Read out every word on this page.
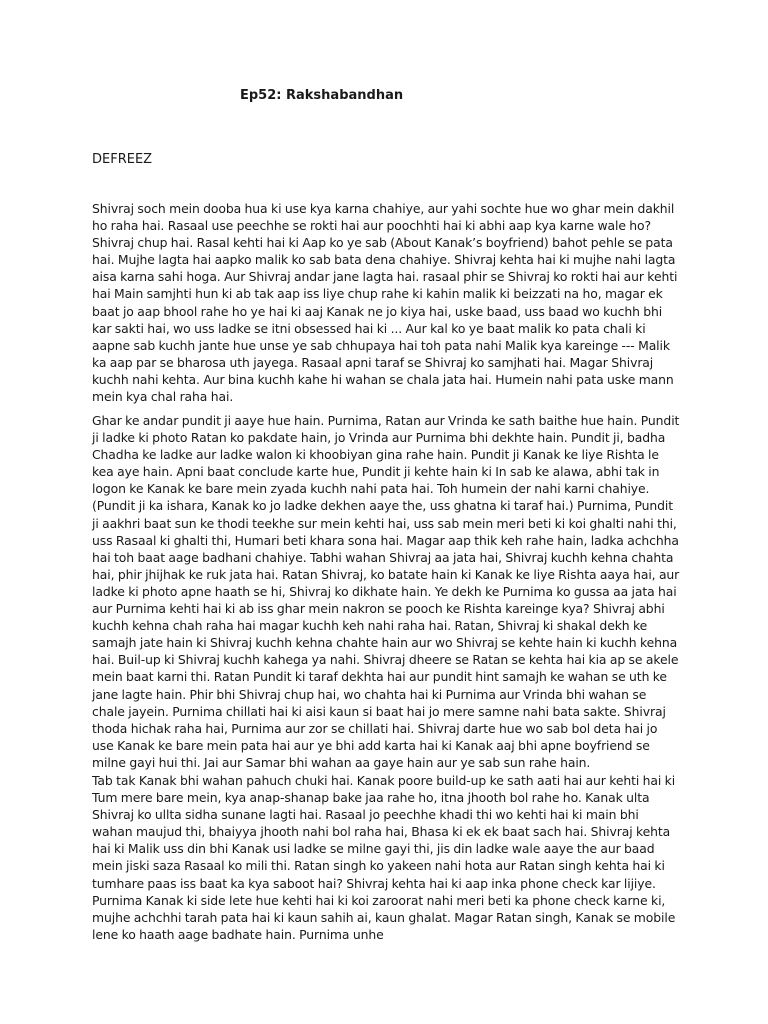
Ep52: Rakshabandhan

DEFREEZ

Shivraj soch mein dooba hua ki use kya karna chahiye, aur yahi sochte hue wo ghar mein dakhil ho raha hai. Rasaal use peechhe se rokti hai aur poochhti hai ki abhi aap kya karne wale ho? Shivraj chup hai. Rasal kehti hai ki Aap ko ye sab (About Kanak’s boyfriend) bahot pehle se pata hai. Mujhe lagta hai aapko malik ko sab bata dena chahiye. Shivraj kehta hai ki mujhe nahi lagta aisa karna sahi hoga. Aur Shivraj andar jane lagta hai. rasaal phir se Shivraj ko rokti hai aur kehti hai Main samjhti hun ki ab tak aap iss liye chup rahe ki kahin malik ki beizzati na ho, magar ek baat jo aap bhool rahe ho ye hai ki aaj Kanak ne jo kiya hai, uske baad, uss baad wo kuchh bhi kar sakti hai, wo uss ladke se itni obsessed hai ki ... Aur kal ko ye baat malik ko pata chali ki aapne sab kuchh jante hue unse ye sab chhupaya hai toh pata nahi Malik kya kareinge --- Malik ka aap par se bharosa uth jayega. Rasaal apni taraf se Shivraj ko samjhati hai. Magar Shivraj kuchh nahi kehta. Aur bina kuchh kahe hi wahan se chala jata hai. Humein nahi pata uske mann mein kya chal raha hai.

Ghar ke andar pundit ji aaye hue hain. Purnima, Ratan aur Vrinda ke sath baithe hue hain. Pundit ji ladke ki photo Ratan ko pakdate hain, jo Vrinda aur Purnima bhi dekhte hain. Pundit ji, badha Chadha ke ladke aur ladke walon ki khoobiyan gina rahe hain. Pundit ji Kanak ke liye Rishta le kea aye hain. Apni baat conclude karte hue, Pundit ji kehte hain ki In sab ke alawa, abhi tak in logon ke Kanak ke bare mein zyada kuchh nahi pata hai. Toh humein der nahi karni chahiye. (Pundit ji ka ishara, Kanak ko jo ladke dekhen aaye the, uss ghatna ki taraf hai.) Purnima, Pundit ji aakhri baat sun ke thodi teekhe sur mein kehti hai, uss sab mein meri beti ki koi ghalti nahi thi, uss Rasaal ki ghalti thi, Humari beti khara sona hai. Magar aap thik keh rahe hain, ladka achchha hai toh baat aage badhani chahiye. Tabhi wahan Shivraj aa jata hai, Shivraj kuchh kehna chahta hai, phir jhijhak ke ruk jata hai. Ratan Shivraj, ko batate hain ki Kanak ke liye Rishta aaya hai, aur ladke ki photo apne haath se hi, Shivraj ko dikhate hain. Ye dekh ke Purnima ko gussa aa jata hai aur Purnima kehti hai ki ab iss ghar mein nakron se pooch ke Rishta kareinge kya? Shivraj abhi kuchh kehna chah raha hai magar kuchh keh nahi raha hai. Ratan, Shivraj ki shakal dekh ke samajh jate hain ki Shivraj kuchh kehna chahte hain aur wo Shivraj se kehte hain ki kuchh kehna hai. Buil-up ki Shivraj kuchh kahega ya nahi. Shivraj dheere se Ratan se kehta hai kia ap se akele mein baat karni thi. Ratan Pundit ki taraf dekhta hai aur pundit hint samajh ke wahan se uth ke jane lagte hain. Phir bhi Shivraj chup hai, wo chahta hai ki Purnima aur Vrinda bhi wahan se chale jayein. Purnima chillati hai ki aisi kaun si baat hai jo mere samne nahi bata sakte. Shivraj thoda hichak raha hai, Purnima aur zor se chillati hai. Shivraj darte hue wo sab bol deta hai jo use Kanak ke bare mein pata hai aur ye bhi add karta hai ki Kanak aaj bhi apne boyfriend se milne gayi hui thi. Jai aur Samar bhi wahan aa gaye hain aur ye sab sun rahe hain.

Tab tak Kanak bhi wahan pahuch chuki hai. Kanak poore build-up ke sath aati hai aur kehti hai ki Tum mere bare mein, kya anap-shanap bake jaa rahe ho, itna jhooth bol rahe ho. Kanak ulta Shivraj ko ullta sidha sunane lagti hai. Rasaal jo peechhe khadi thi wo kehti hai ki main bhi wahan maujud thi, bhaiyya jhooth nahi bol raha hai, Bhasa ki ek ek baat sach hai. Shivraj kehta hai ki Malik uss din bhi Kanak usi ladke se milne gayi thi, jis din ladke wale aaye the aur baad mein jiski saza Rasaal ko mili thi. Ratan singh ko yakeen nahi hota aur Ratan singh kehta hai ki tumhare paas iss baat ka kya saboot hai? Shivraj kehta hai ki aap inka phone check kar lijiye. Purnima Kanak ki side lete hue kehti hai ki koi zaroorat nahi meri beti ka phone check karne ki, mujhe achchhi tarah pata hai ki kaun sahih ai, kaun ghalat. Magar Ratan singh, Kanak se mobile lene ko haath aage badhate hain. Purnima unhe
